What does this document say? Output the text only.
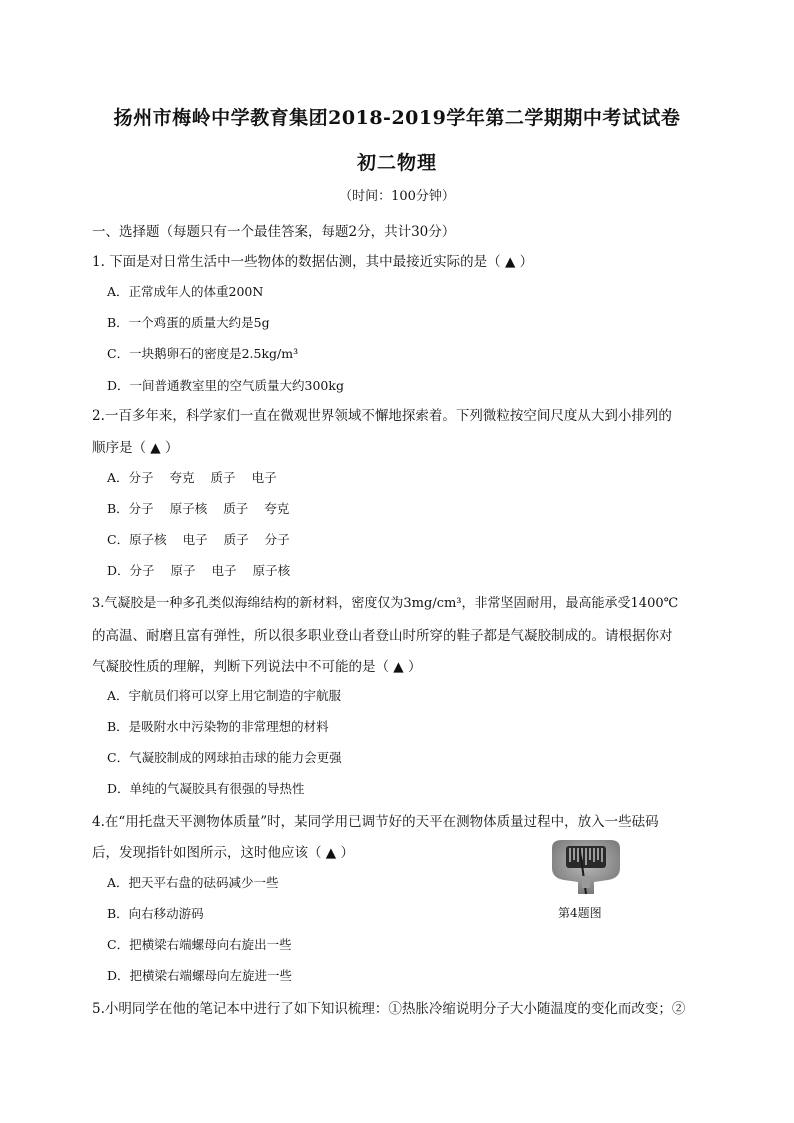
扬州市梅岭中学教育集团2018-2019学年第二学期期中考试试卷
初二物理
（时间：100分钟）
一、选择题（每题只有一个最佳答案，每题2分，共计30分）
1. 下面是对日常生活中一些物体的数据估测，其中最接近实际的是（ ▲ ）
A．正常成年人的体重200N
B．一个鸡蛋的质量大约是5g
C．一块鹅卵石的密度是2.5kg/m³
D．一间普通教室里的空气质量大约300kg
2.一百多年来，科学家们一直在微观世界领域不懈地探索着。下列微粒按空间尺度从大到小排列的
顺序是（ ▲ ）
A．分子 夸克 质子 电子
B．分子 原子核 质子 夸克
C．原子核 电子 质子 分子
D．分子 原子 电子 原子核
3.气凝胶是一种多孔类似海绵结构的新材料，密度仅为3mg/cm³，非常坚固耐用，最高能承受1400℃
的高温、耐磨且富有弹性，所以很多职业登山者登山时所穿的鞋子都是气凝胶制成的。请根据你对
气凝胶性质的理解，判断下列说法中不可能的是（ ▲ ）
A．宇航员们将可以穿上用它制造的宇航服
B．是吸附水中污染物的非常理想的材料
C．气凝胶制成的网球拍击球的能力会更强
D．单纯的气凝胶具有很强的导热性
4.在“用托盘天平测物体质量”时，某同学用已调节好的天平在测物体质量过程中，放入一些砝码
后，发现指针如图所示，这时他应该（ ▲ ）
A．把天平右盘的砝码减少一些
B．向右移动游码
C．把横梁右端螺母向右旋出一些
D．把横梁右端螺母向左旋进一些
第4题图
5.小明同学在他的笔记本中进行了如下知识梳理：①热胀冷缩说明分子大小随温度的变化而改变；②
